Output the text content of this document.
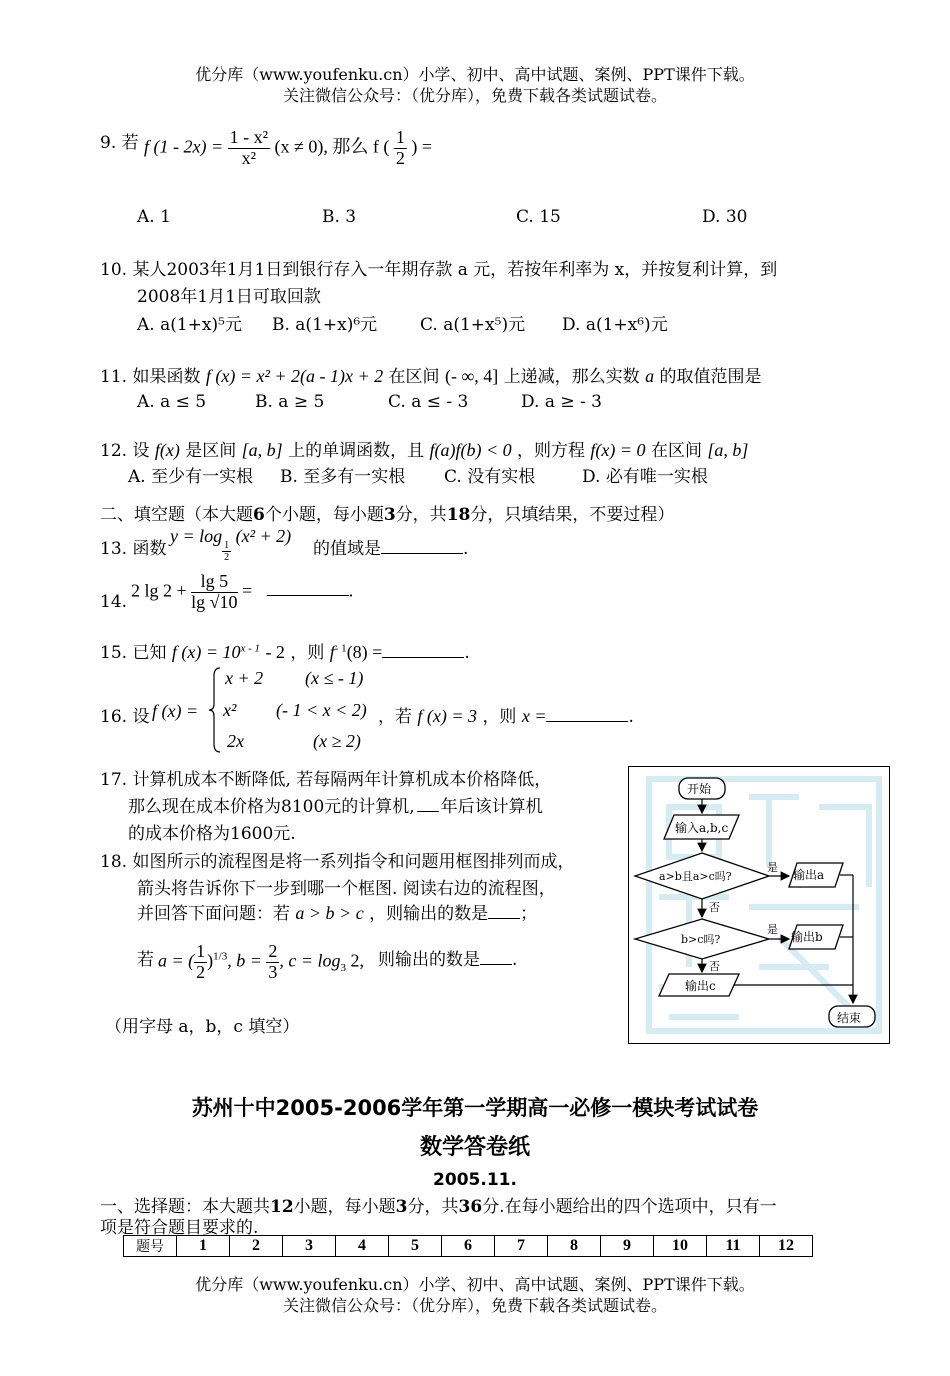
优分库（www.youfenku.cn）小学、初中、高中试题、案例、PPT课件下载。
关注微信公众号：（优分库），免费下载各类试题试卷。
9. 若 f $(1 - 2x) = \frac{\text{1 - x²}}{\text{x²}} (x \ne 0)$, 那么 f ( $\frac{1}{2}$ ) =
A. 1	B. 3	C. 15	D. 30
10. 某人2003年1月1日到银行存入一年期存款 a 元，若按年利率为 x，并按复利计算，到
2008年1月1日可取回款
A. a(1+x)⁵元 B. a(1+x)⁶元	C. a(1+x⁵)元 D. a(1+x⁶)元
11. 如果函数 f (x) = x² + 2(a - 1)x + 2 在区间 (- ∞, 4] 上递减，那么实数 a 的取值范围是
A. a ≤ 5	B. a ≥ 5	C. a ≤ - 3	D. a ≥ - 3
12. 设 f(x) 是区间 [a, b] 上的单调函数，且 f(a)f(b) < 0 ，则方程 f(x) = 0 在区间 [a, b]
A. 至少有一实根 B. 至多有一实根 C. 没有实根	D. 必有唯一实根
二、填空题（本大题6个小题，每小题3分，共18分，只填结果，不要过程）
13. 函数
y = log
$\frac{1}{2}$
(x² + 2)
的值域是	.
14.
2 $\lg 2 + \frac{\lg 5}{\lg √10}$ =	.
15. 已知 f $(x) = 10^{x - 1} - 2$ ，则 $f^{- 1}(8)$ =	.
16. 设 f (x) =
x + 2 (x ≤ - 1)
x² (- 1 < x < 2)
2x	(x ≥ 2)
，若 f (x) = 3 ，则 x =	.
17. 计算机成本不断降低, 若每隔两年计算机成本价格降低，
那么现在成本价格为8100元的计算机, 年后该计算机
的成本价格为1600元.
18. 如图所示的流程图是将一系列指令和问题用框图排列而成，
箭头将告诉你下一步到哪一个框图. 阅读右边的流程图，
并回答下面问题：若 a > b > c ，则输出的数是 ；
若 a = ( $\frac{1}{2} )^{1/3}$, $b = \frac{2}{3}$ , $c = \log_3 2$, 则输出的数是 .
（用字母 a，b，c 填空）
开始
输入a,b,c
a>b且a>c吗?
是
输出a
否
b>c吗?
是
输出b
否
输出c
结束
苏州十中2005-2006学年第一学期高一必修一模块考试试卷
数学答卷纸
2005.11.
一、选择题：本大题共12小题，每小题3分，共36分.在每小题给出的四个选项中，只有一
项是符合题目要求的.
题号	1	2	3	4	5	6	7	8	9	10	11	12
优分库（www.youfenku.cn）小学、初中、高中试题、案例、PPT课件下载。
关注微信公众号：（优分库），免费下载各类试题试卷。
